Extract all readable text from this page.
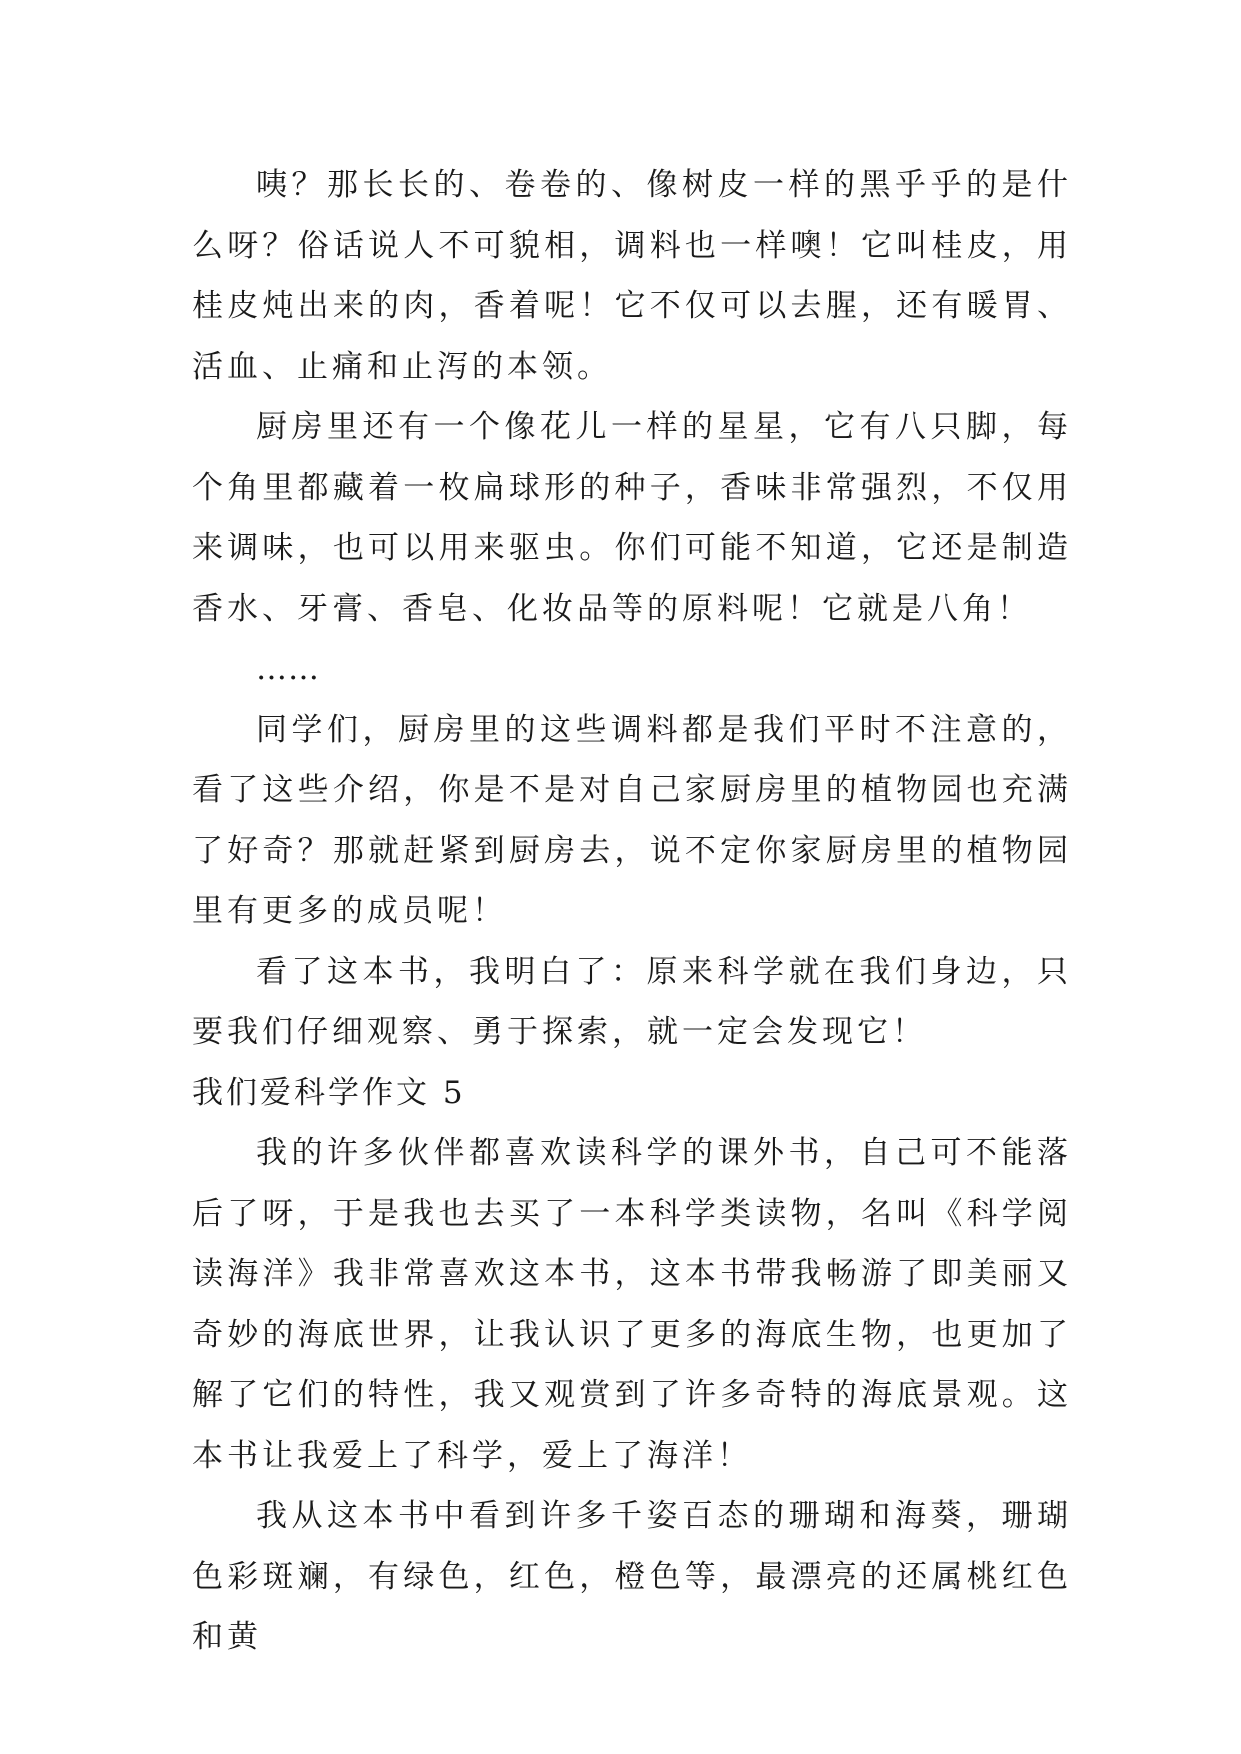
咦？那长长的、卷卷的、像树皮一样的黑乎乎的是什么呀？俗话说人不可貌相，调料也一样噢！它叫桂皮，用桂皮炖出来的肉，香着呢！它不仅可以去腥，还有暖胃、活血、止痛和止泻的本领。

厨房里还有一个像花儿一样的星星，它有八只脚，每个角里都藏着一枚扁球形的种子，香味非常强烈，不仅用来调味，也可以用来驱虫。你们可能不知道，它还是制造香水、牙膏、香皂、化妆品等的原料呢！它就是八角！

……

同学们，厨房里的这些调料都是我们平时不注意的，看了这些介绍，你是不是对自己家厨房里的植物园也充满了好奇？那就赶紧到厨房去，说不定你家厨房里的植物园里有更多的成员呢！

看了这本书，我明白了：原来科学就在我们身边，只要我们仔细观察、勇于探索，就一定会发现它！

我们爱科学作文 5

我的许多伙伴都喜欢读科学的课外书，自己可不能落后了呀，于是我也去买了一本科学类读物，名叫《科学阅读海洋》我非常喜欢这本书，这本书带我畅游了即美丽又奇妙的海底世界，让我认识了更多的海底生物，也更加了解了它们的特性，我又观赏到了许多奇特的海底景观。这本书让我爱上了科学，爱上了海洋！

我从这本书中看到许多千姿百态的珊瑚和海葵，珊瑚色彩斑斓，有绿色，红色，橙色等，最漂亮的还属桃红色和黄
